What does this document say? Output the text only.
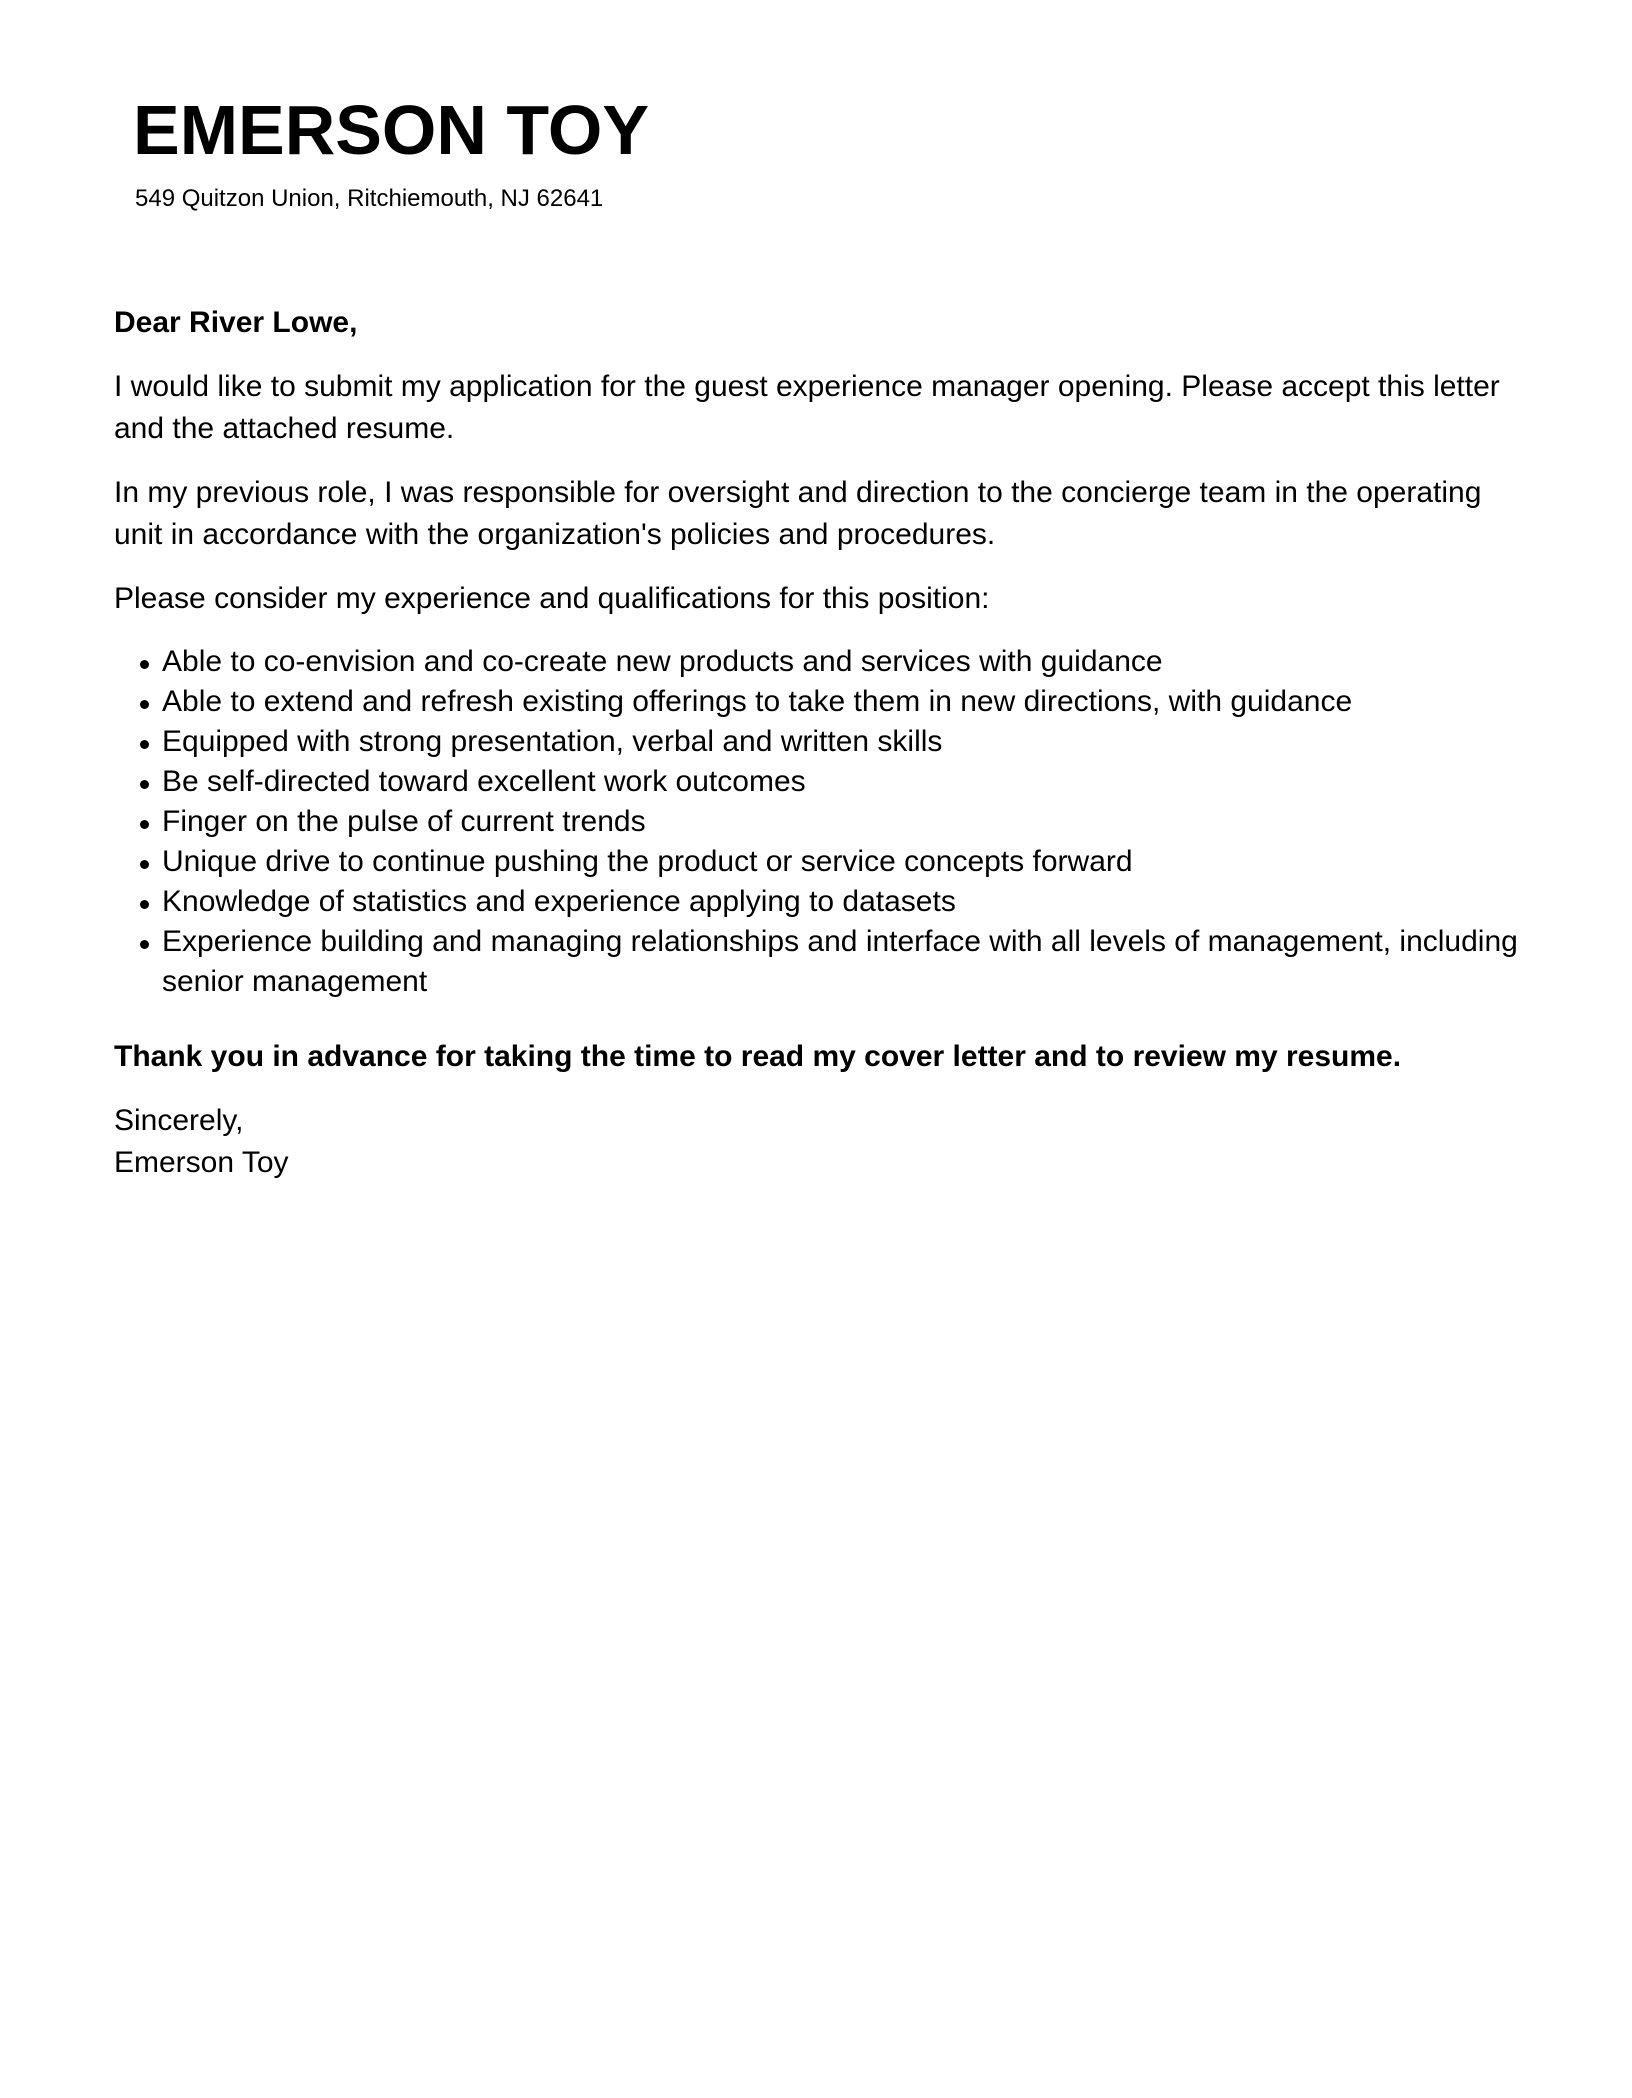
EMERSON TOY
549 Quitzon Union, Ritchiemouth, NJ 62641

Dear River Lowe,

I would like to submit my application for the guest experience manager opening. Please accept this letter and the attached resume.

In my previous role, I was responsible for oversight and direction to the concierge team in the operating unit in accordance with the organization's policies and procedures.

Please consider my experience and qualifications for this position:

Able to co-envision and co-create new products and services with guidance
Able to extend and refresh existing offerings to take them in new directions, with guidance
Equipped with strong presentation, verbal and written skills
Be self-directed toward excellent work outcomes
Finger on the pulse of current trends
Unique drive to continue pushing the product or service concepts forward
Knowledge of statistics and experience applying to datasets
Experience building and managing relationships and interface with all levels of management, including senior management

Thank you in advance for taking the time to read my cover letter and to review my resume.

Sincerely,
Emerson Toy
